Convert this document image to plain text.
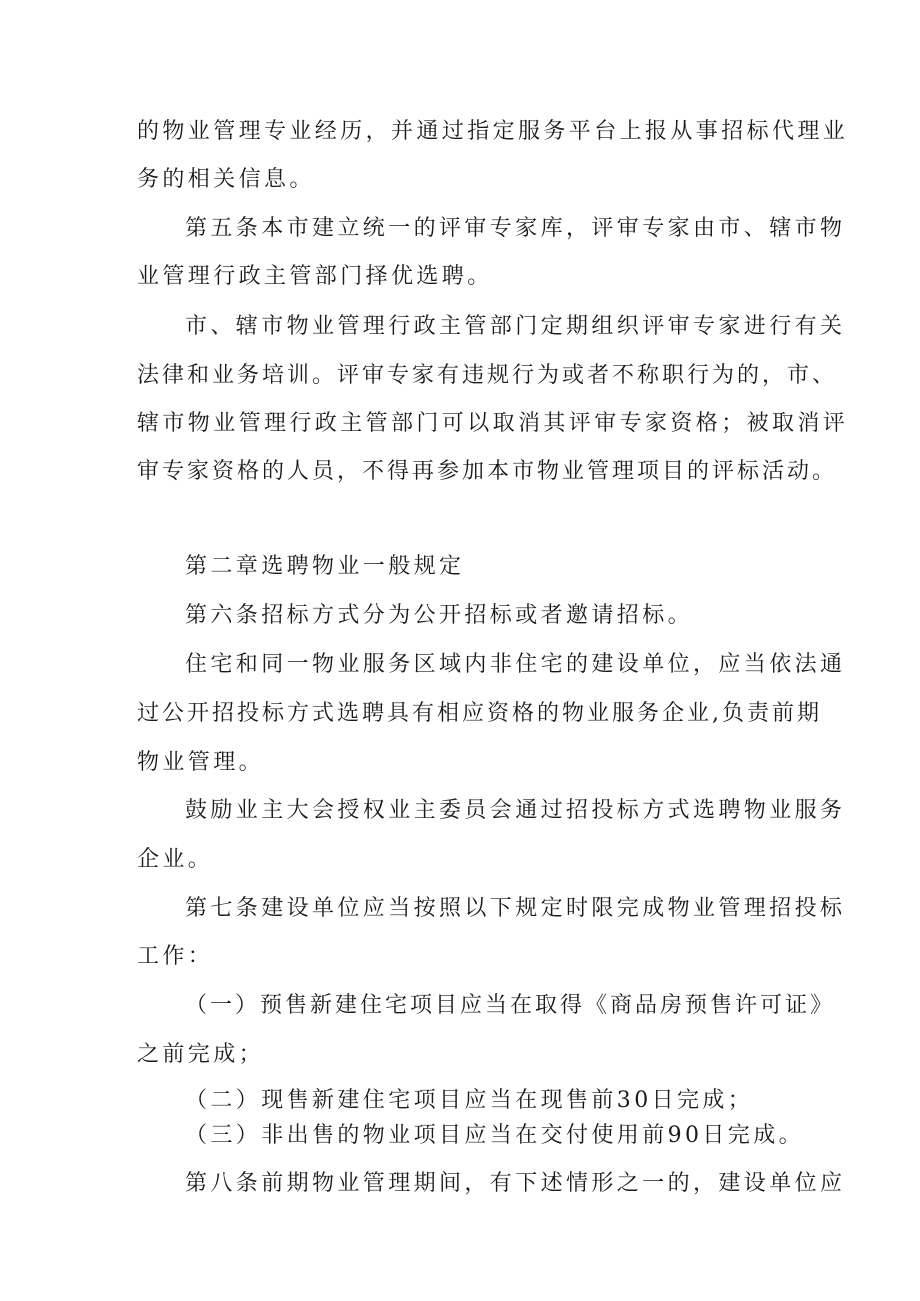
的物业管理专业经历，并通过指定服务平台上报从事招标代理业

务的相关信息。

第五条本市建立统一的评审专家库，评审专家由市、辖市物

业管理行政主管部门择优选聘。

市、辖市物业管理行政主管部门定期组织评审专家进行有关

法律和业务培训。评审专家有违规行为或者不称职行为的，市、

辖市物业管理行政主管部门可以取消其评审专家资格；被取消评

审专家资格的人员，不得再参加本市物业管理项目的评标活动。

第二章选聘物业一般规定

第六条招标方式分为公开招标或者邀请招标。

住宅和同一物业服务区域内非住宅的建设单位，应当依法通

过公开招投标方式选聘具有相应资格的物业服务企业,负责前期

物业管理。

鼓励业主大会授权业主委员会通过招投标方式选聘物业服务

企业。

第七条建设单位应当按照以下规定时限完成物业管理招投标

工作：

（一）预售新建住宅项目应当在取得《商品房预售许可证》

之前完成；

（二）现售新建住宅项目应当在现售前30日完成；

（三）非出售的物业项目应当在交付使用前90日完成。

第八条前期物业管理期间，有下述情形之一的，建设单位应
